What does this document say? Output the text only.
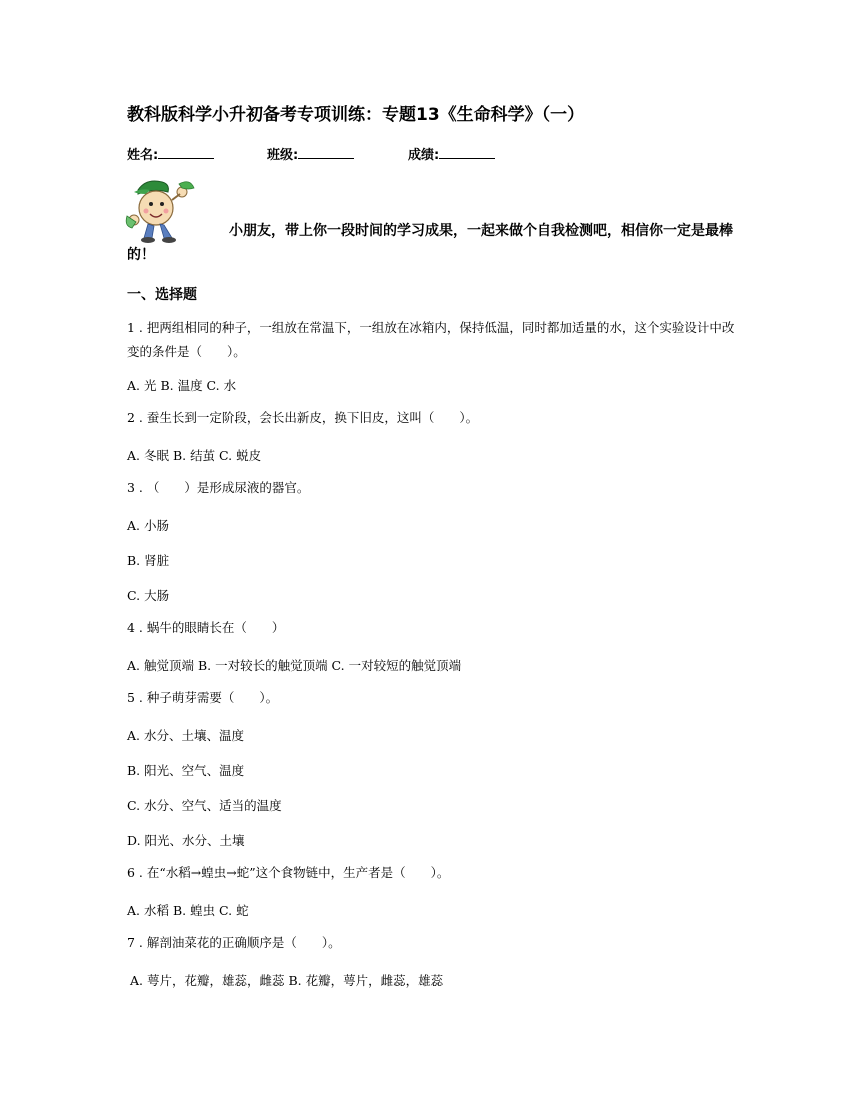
教科版科学小升初备考专项训练：专题13《生命科学》（一）
姓名:	班级:	成绩:
小朋友，带上你一段时间的学习成果，一起来做个自我检测吧，相信你一定是最棒的！
一、选择题
1 . 把两组相同的种子，一组放在常温下，一组放在冰箱内，保持低温，同时都加适量的水，这个实验设计中改变的条件是（　　）。
A. 光 B. 温度 C. 水
2 . 蚕生长到一定阶段，会长出新皮，换下旧皮，这叫（　　）。
A. 冬眠 B. 结茧 C. 蜕皮
3 . （　　）是形成尿液的器官。
A. 小肠
B. 肾脏
C. 大肠
4 . 蜗牛的眼睛长在（　　）
A. 触觉顶端 B. 一对较长的触觉顶端 C. 一对较短的触觉顶端
5 . 种子萌芽需要（　　）。
A. 水分、土壤、温度
B. 阳光、空气、温度
C. 水分、空气、适当的温度
D. 阳光、水分、土壤
6 . 在“水稻→蝗虫→蛇”这个食物链中，生产者是（　　）。
A. 水稻 B. 蝗虫 C. 蛇
7 . 解剖油菜花的正确顺序是（　　）。
A. 萼片，花瓣，雄蕊，雌蕊 B. 花瓣，萼片，雌蕊，雄蕊
